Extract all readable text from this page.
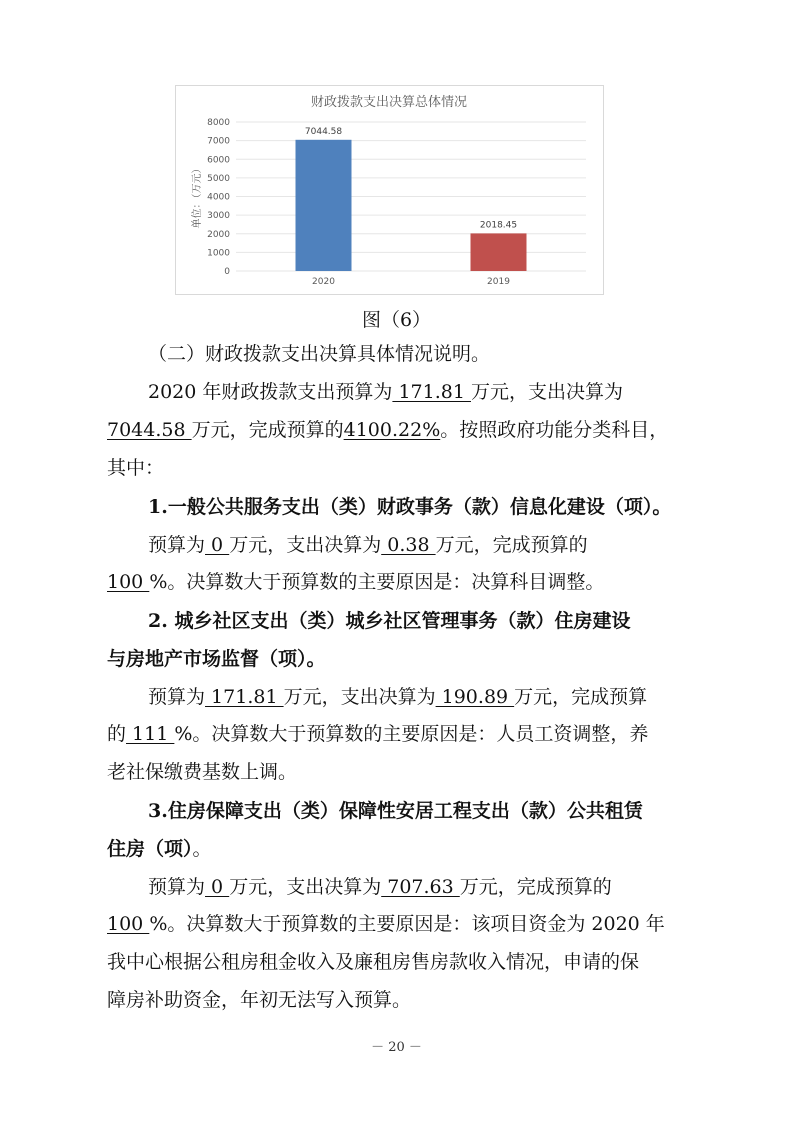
财政拨款支出决算总体情况
单位：（万元）
0
1000
2000
3000
4000
5000
6000
7000
8000
7044.58
2020
2018.45
2019
图（6）
（二）财政拨款支出决算具体情况说明。
2020 年财政拨款支出预算为 171.81 万元，支出决算为
7044.58 万元，完成预算的4100.22%。按照政府功能分类科目，
其中：
1.一般公共服务支出（类）财政事务（款）信息化建设（项）。
预算为 0 万元，支出决算为 0.38 万元，完成预算的
100 %。决算数大于预算数的主要原因是：决算科目调整。
2. 城乡社区支出（类）城乡社区管理事务（款）住房建设
与房地产市场监督（项）。
预算为 171.81 万元，支出决算为 190.89 万元，完成预算
的 111 %。决算数大于预算数的主要原因是：人员工资调整，养
老社保缴费基数上调。
3.住房保障支出（类）保障性安居工程支出（款）公共租赁
住房（项）。
预算为 0 万元，支出决算为 707.63 万元，完成预算的
100 %。决算数大于预算数的主要原因是：该项目资金为 2020 年
我中心根据公租房租金收入及廉租房售房款收入情况，申请的保
障房补助资金，年初无法写入预算。
－ 20 －
